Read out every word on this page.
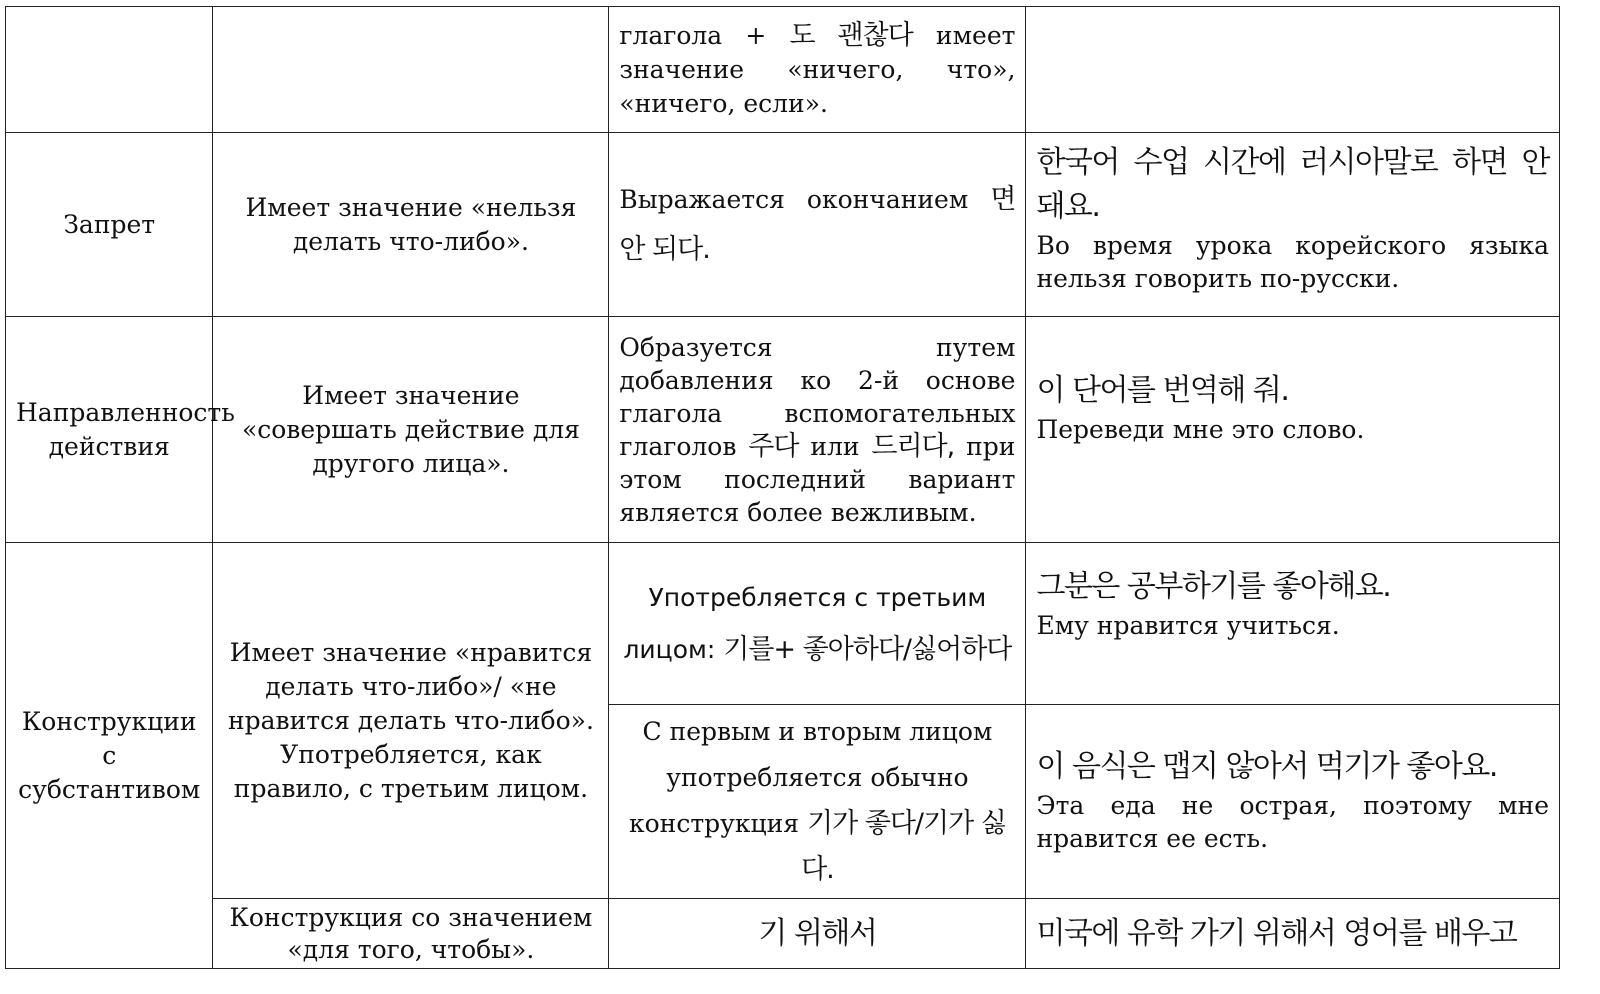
		глагола + 도 괜찮다 имеет значение «ничего, что», «ничего, если».	
Запрет	Имеет значение «нельзя делать что-либо».	Выражается окончанием 면 안 되다.	한국어 수업 시간에 러시아말로 하면 안 돼요.

Во время урока корейского языка нельзя говорить по-русски.

Направленность действия	Имеет значение «совершать действие для другого лица».	Образуется путем добавления ко 2-й основе глагола вспомогательных глаголов 주다 или 드리다, при этом последний вариант является более вежливым.	이 단어를 번역해 줘.

Переведи мне это слово.

Конструкции с субстантивом	Имеет значение «нравится делать что-либо»/ «не нравится делать что-либо». Употребляется, как правило, с третьим лицом.	Употребляется с третьим лицом: 기를+ 좋아하다/싫어하다	그분은 공부하기를 좋아해요.

Ему нравится учиться.

		С первым и вторым лицом употребляется обычно конструкция 기가 좋다/기가 싫다.	이 음식은 맵지 않아서 먹기가 좋아요.

Эта еда не острая, поэтому мне нравится ее есть.

	Конструкция со значением «для того, чтобы».	기 위해서	미국에 유학 가기 위해서 영어를 배우고
